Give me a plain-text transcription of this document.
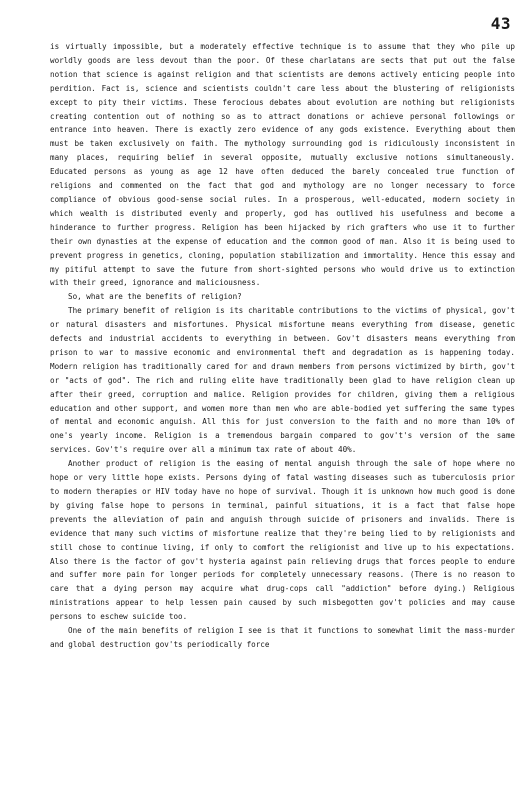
43

is virtually impossible, but a moderately effective technique is to assume that they who pile up worldly goods are less devout than the poor. Of these charlatans are sects that put out the false notion that science is against religion and that scientists are demons actively enticing people into perdition. Fact is, science and scientists couldn't care less about the blustering of religionists except to pity their victims. These ferocious debates about evolution are nothing but religionists creating contention out of nothing so as to attract donations or achieve personal followings or entrance into heaven. There is exactly zero evidence of any gods existence. Everything about them must be taken exclusively on faith. The mythology surrounding god is ridiculously inconsistent in many places, requiring belief in several opposite, mutually exclusive notions simultaneously. Educated persons as young as age 12 have often deduced the barely concealed true function of religions and commented on the fact that god and mythology are no longer necessary to force compliance of obvious good-sense social rules. In a prosperous, well-educated, modern society in which wealth is distributed evenly and properly, god has outlived his usefulness and become a hinderance to further progress. Religion has been hijacked by rich grafters who use it to further their own dynasties at the expense of education and the common good of man. Also it is being used to prevent progress in genetics, cloning, population stabilization and immortality. Hence this essay and my pitiful attempt to save the future from short-sighted persons who would drive us to extinction with their greed, ignorance and maliciousness.

So, what are the benefits of religion?

The primary benefit of religion is its charitable contributions to the victims of physical, gov't or natural disasters and misfortunes. Physical misfortune means everything from disease, genetic defects and industrial accidents to everything in between. Gov't disasters means everything from prison to war to massive economic and environmental theft and degradation as is happening today. Modern religion has traditionally cared for and drawn members from persons victimized by birth, gov't or "acts of god". The rich and ruling elite have traditionally been glad to have religion clean up after their greed, corruption and malice. Religion provides for children, giving them a religious education and other support, and women more than men who are able-bodied yet suffering the same types of mental and economic anguish. All this for just conversion to the faith and no more than 10% of one's yearly income. Religion is a tremendous bargain compared to gov't's version of the same services. Gov't's require over all a minimum tax rate of about 40%.

Another product of religion is the easing of mental anguish through the sale of hope where no hope or very little hope exists. Persons dying of fatal wasting diseases such as tuberculosis prior to modern therapies or HIV today have no hope of survival. Though it is unknown how much good is done by giving false hope to persons in terminal, painful situations, it is a fact that false hope prevents the alleviation of pain and anguish through suicide of prisoners and invalids. There is evidence that many such victims of misfortune realize that they're being lied to by religionists and still chose to continue living, if only to comfort the religionist and live up to his expectations. Also there is the factor of gov't hysteria against pain relieving drugs that forces people to endure and suffer more pain for longer periods for completely unnecessary reasons. (There is no reason to care that a dying person may acquire what drug-cops call "addiction" before dying.) Religious ministrations appear to help lessen pain caused by such misbegotten gov't policies and may cause persons to eschew suicide too.

One of the main benefits of religion I see is that it functions to somewhat limit the mass-murder and global destruction gov'ts periodically force
